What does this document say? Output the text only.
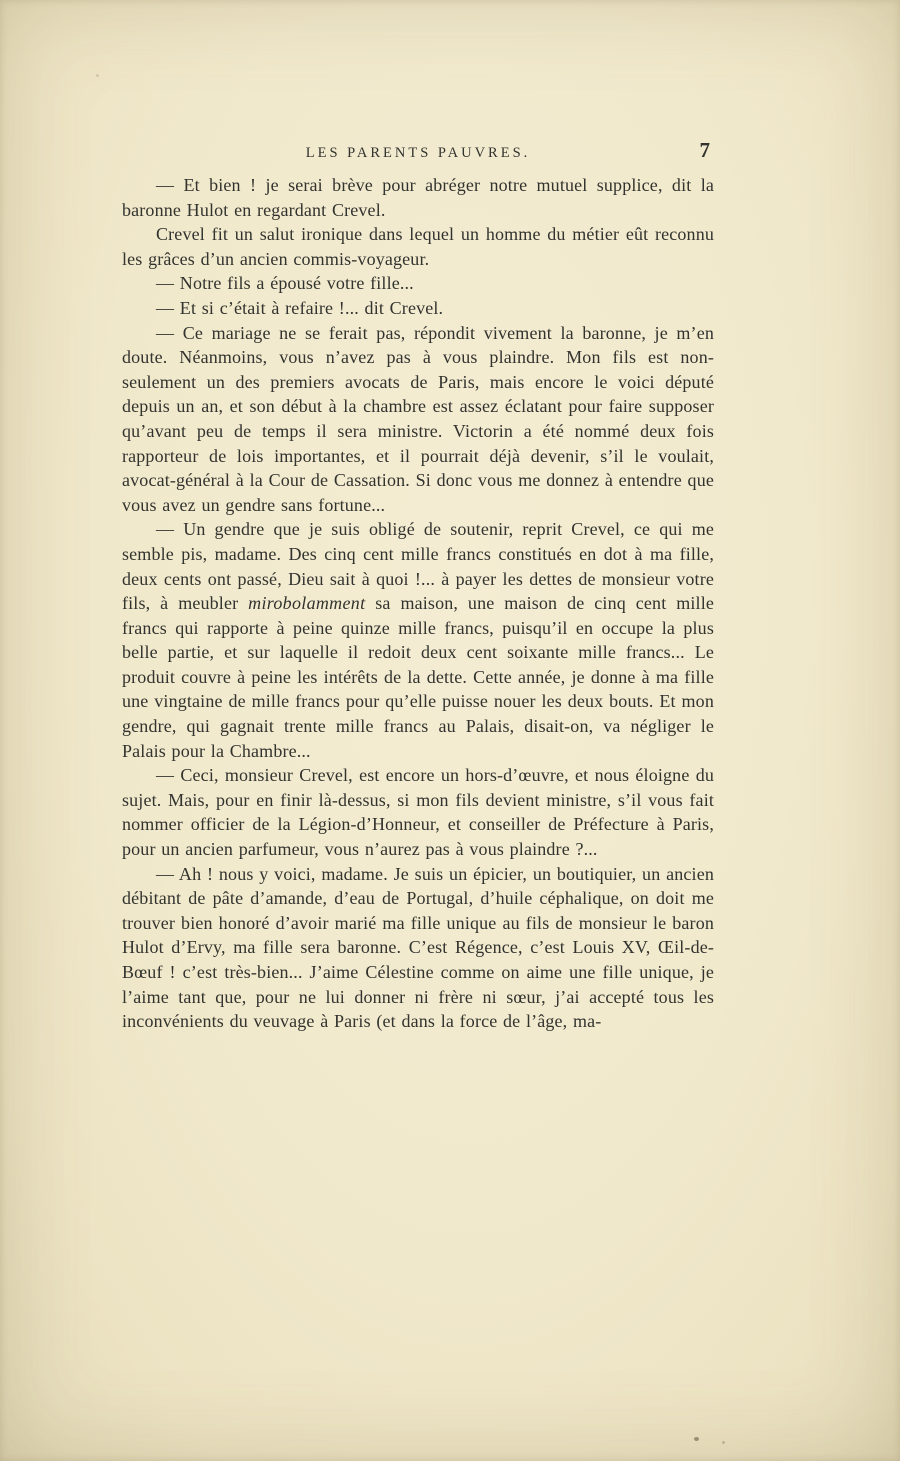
LES PARENTS PAUVRES.	7

— Et bien ! je serai brève pour abréger notre mutuel supplice, dit la baronne Hulot en regardant Crevel.

Crevel fit un salut ironique dans lequel un homme du métier eût reconnu les grâces d’un ancien commis-voyageur.

— Notre fils a épousé votre fille...

— Et si c’était à refaire !... dit Crevel.

— Ce mariage ne se ferait pas, répondit vivement la baronne, je m’en doute. Néanmoins, vous n’avez pas à vous plaindre. Mon fils est non-seulement un des premiers avocats de Paris, mais encore le voici député depuis un an, et son début à la chambre est assez éclatant pour faire supposer qu’avant peu de temps il sera ministre. Victorin a été nommé deux fois rapporteur de lois importantes, et il pourrait déjà devenir, s’il le voulait, avocat-général à la Cour de Cassation. Si donc vous me donnez à entendre que vous avez un gendre sans fortune...

— Un gendre que je suis obligé de soutenir, reprit Crevel, ce qui me semble pis, madame. Des cinq cent mille francs constitués en dot à ma fille, deux cents ont passé, Dieu sait à quoi !... à payer les dettes de monsieur votre fils, à meubler mirobolamment sa maison, une maison de cinq cent mille francs qui rapporte à peine quinze mille francs, puisqu’il en occupe la plus belle partie, et sur laquelle il redoit deux cent soixante mille francs... Le produit couvre à peine les intérêts de la dette. Cette année, je donne à ma fille une vingtaine de mille francs pour qu’elle puisse nouer les deux bouts. Et mon gendre, qui gagnait trente mille francs au Palais, disait-on, va négliger le Palais pour la Chambre...

— Ceci, monsieur Crevel, est encore un hors-d’œuvre, et nous éloigne du sujet. Mais, pour en finir là-dessus, si mon fils devient ministre, s’il vous fait nommer officier de la Légion-d’Honneur, et conseiller de Préfecture à Paris, pour un ancien parfumeur, vous n’aurez pas à vous plaindre ?...

— Ah ! nous y voici, madame. Je suis un épicier, un boutiquier, un ancien débitant de pâte d’amande, d’eau de Portugal, d’huile céphalique, on doit me trouver bien honoré d’avoir marié ma fille unique au fils de monsieur le baron Hulot d’Ervy, ma fille sera baronne. C’est Régence, c’est Louis XV, Œil-de-Bœuf ! c’est très-bien... J’aime Célestine comme on aime une fille unique, je l’aime tant que, pour ne lui donner ni frère ni sœur, j’ai accepté tous les inconvénients du veuvage à Paris (et dans la force de l’âge, ma-
